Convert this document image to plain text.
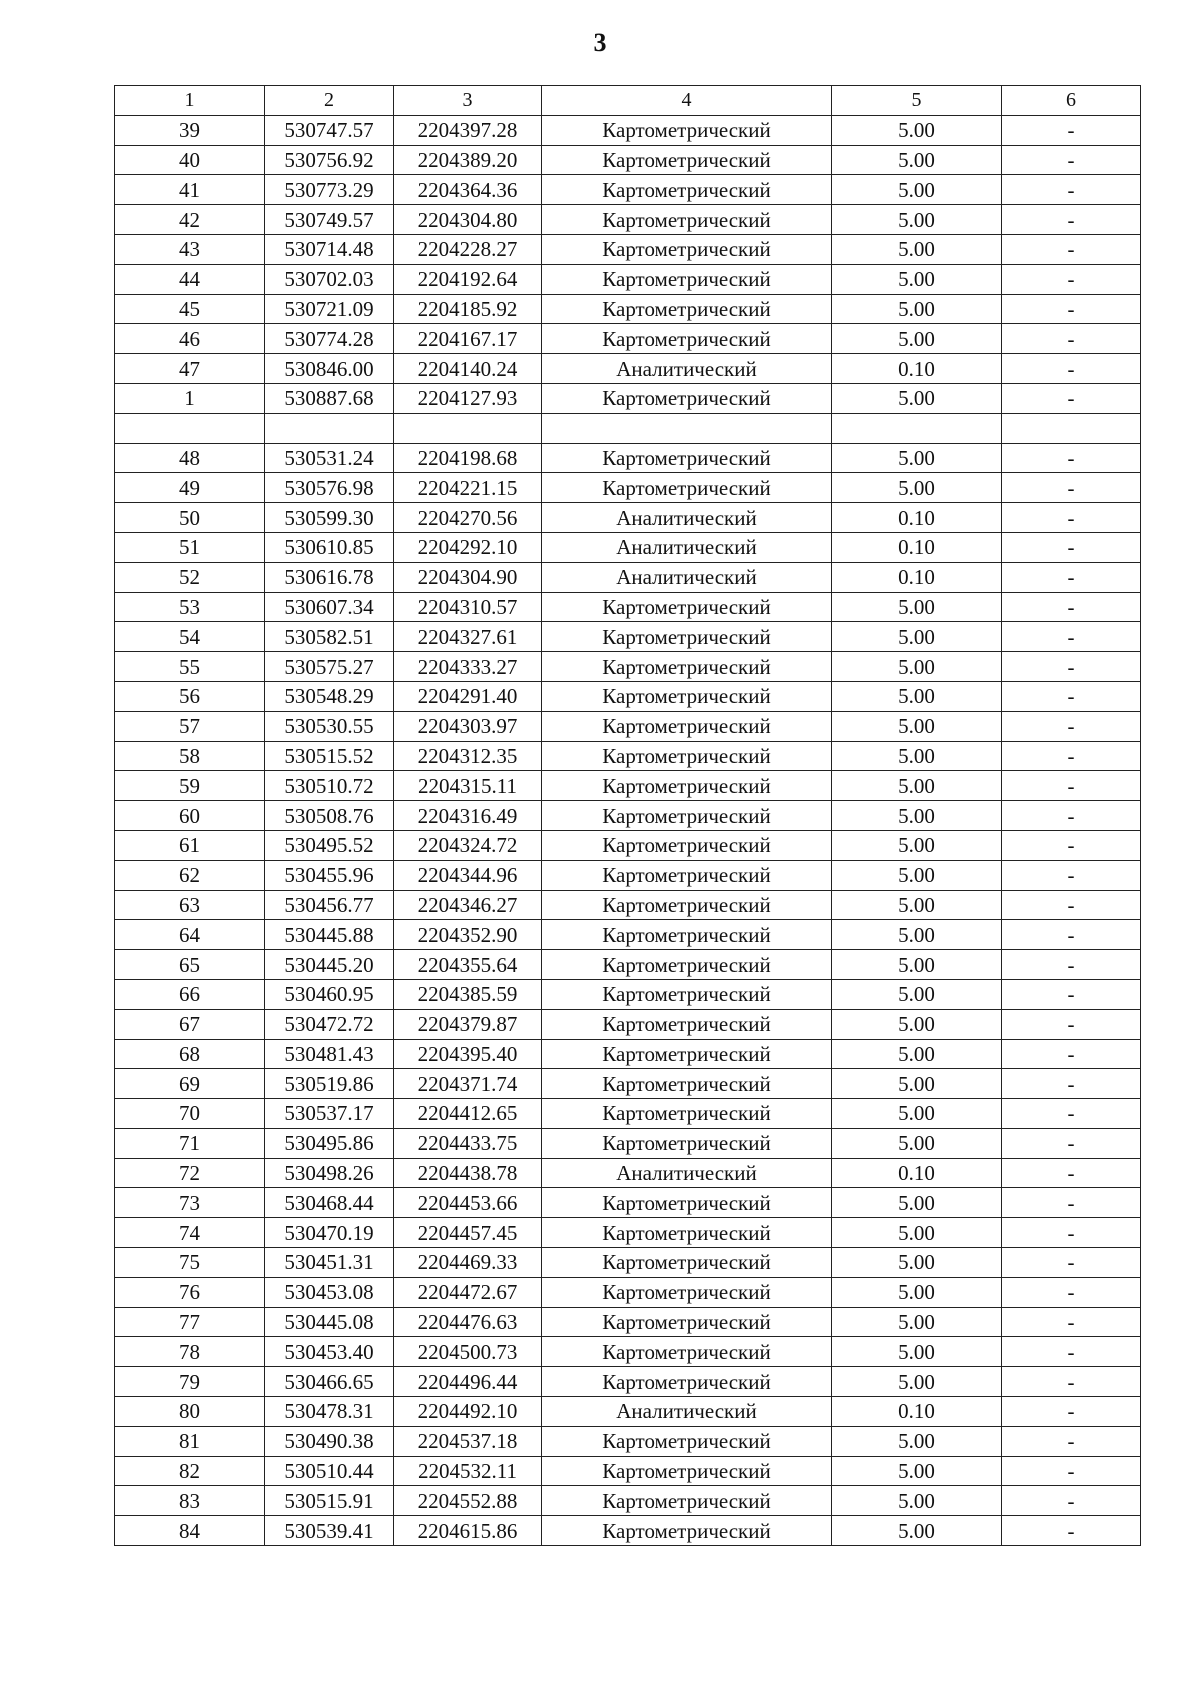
3
1	2	3	4	5	6
39	530747.57	2204397.28	Картометрический	5.00	-
40	530756.92	2204389.20	Картометрический	5.00	-
41	530773.29	2204364.36	Картометрический	5.00	-
42	530749.57	2204304.80	Картометрический	5.00	-
43	530714.48	2204228.27	Картометрический	5.00	-
44	530702.03	2204192.64	Картометрический	5.00	-
45	530721.09	2204185.92	Картометрический	5.00	-
46	530774.28	2204167.17	Картометрический	5.00	-
47	530846.00	2204140.24	Аналитический	0.10	-
1	530887.68	2204127.93	Картометрический	5.00	-

48	530531.24	2204198.68	Картометрический	5.00	-
49	530576.98	2204221.15	Картометрический	5.00	-
50	530599.30	2204270.56	Аналитический	0.10	-
51	530610.85	2204292.10	Аналитический	0.10	-
52	530616.78	2204304.90	Аналитический	0.10	-
53	530607.34	2204310.57	Картометрический	5.00	-
54	530582.51	2204327.61	Картометрический	5.00	-
55	530575.27	2204333.27	Картометрический	5.00	-
56	530548.29	2204291.40	Картометрический	5.00	-
57	530530.55	2204303.97	Картометрический	5.00	-
58	530515.52	2204312.35	Картометрический	5.00	-
59	530510.72	2204315.11	Картометрический	5.00	-
60	530508.76	2204316.49	Картометрический	5.00	-
61	530495.52	2204324.72	Картометрический	5.00	-
62	530455.96	2204344.96	Картометрический	5.00	-
63	530456.77	2204346.27	Картометрический	5.00	-
64	530445.88	2204352.90	Картометрический	5.00	-
65	530445.20	2204355.64	Картометрический	5.00	-
66	530460.95	2204385.59	Картометрический	5.00	-
67	530472.72	2204379.87	Картометрический	5.00	-
68	530481.43	2204395.40	Картометрический	5.00	-
69	530519.86	2204371.74	Картометрический	5.00	-
70	530537.17	2204412.65	Картометрический	5.00	-
71	530495.86	2204433.75	Картометрический	5.00	-
72	530498.26	2204438.78	Аналитический	0.10	-
73	530468.44	2204453.66	Картометрический	5.00	-
74	530470.19	2204457.45	Картометрический	5.00	-
75	530451.31	2204469.33	Картометрический	5.00	-
76	530453.08	2204472.67	Картометрический	5.00	-
77	530445.08	2204476.63	Картометрический	5.00	-
78	530453.40	2204500.73	Картометрический	5.00	-
79	530466.65	2204496.44	Картометрический	5.00	-
80	530478.31	2204492.10	Аналитический	0.10	-
81	530490.38	2204537.18	Картометрический	5.00	-
82	530510.44	2204532.11	Картометрический	5.00	-
83	530515.91	2204552.88	Картометрический	5.00	-
84	530539.41	2204615.86	Картометрический	5.00	-
